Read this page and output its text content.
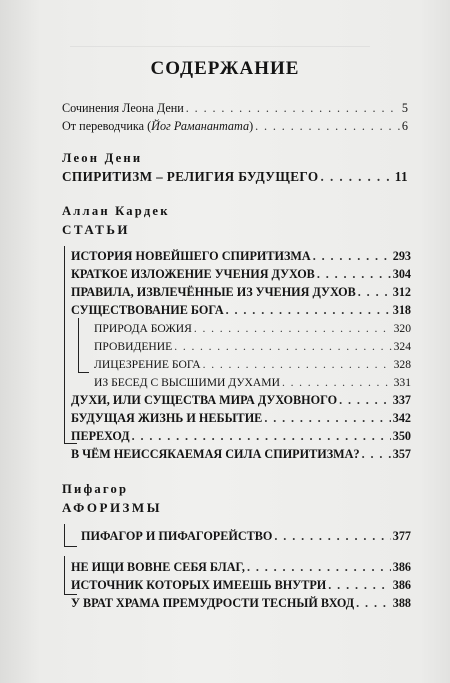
СОДЕРЖАНИЕ
Сочинения Леона Дени . . .	5
От переводчика (Йог Раманантата) . . .	6
Леон Дени
СПИРИТИЗМ – РЕЛИГИЯ БУДУЩЕГО . . .	11
Аллан Кардек
СТАТЬИ
ИСТОРИЯ НОВЕЙШЕГО СПИРИТИЗМА . . .	293
КРАТКОЕ ИЗЛОЖЕНИЕ УЧЕНИЯ ДУХОВ . . .	304
ПРАВИЛА, ИЗВЛЕЧЁННЫЕ ИЗ УЧЕНИЯ ДУХОВ . . .	312
СУЩЕСТВОВАНИЕ БОГА . . .	318
ПРИРОДА БОЖИЯ . . .	320
ПРОВИДЕНИЕ . . .	324
ЛИЦЕЗРЕНИЕ БОГА . . .	328
ИЗ БЕСЕД С ВЫСШИМИ ДУХАМИ . . .	331
ДУХИ, ИЛИ СУЩЕСТВА МИРА ДУХОВНОГО . . .	337
БУДУЩАЯ ЖИЗНЬ И НЕБЫТИЕ . . .	342
ПЕРЕХОД . . .	350
В ЧЁМ НЕИССЯКАЕМАЯ СИЛА СПИРИТИЗМА? . . .	357
Пифагор
АФОРИЗМЫ
ПИФАГОР И ПИФАГОРЕЙСТВО . . .	377
НЕ ИЩИ ВОВНЕ СЕБЯ БЛАГ, . . .	386
ИСТОЧНИК КОТОРЫХ ИМЕЕШЬ ВНУТРИ . . .	386
У ВРАТ ХРАМА ПРЕМУДРОСТИ ТЕСНЫЙ ВХОД . . .	388
